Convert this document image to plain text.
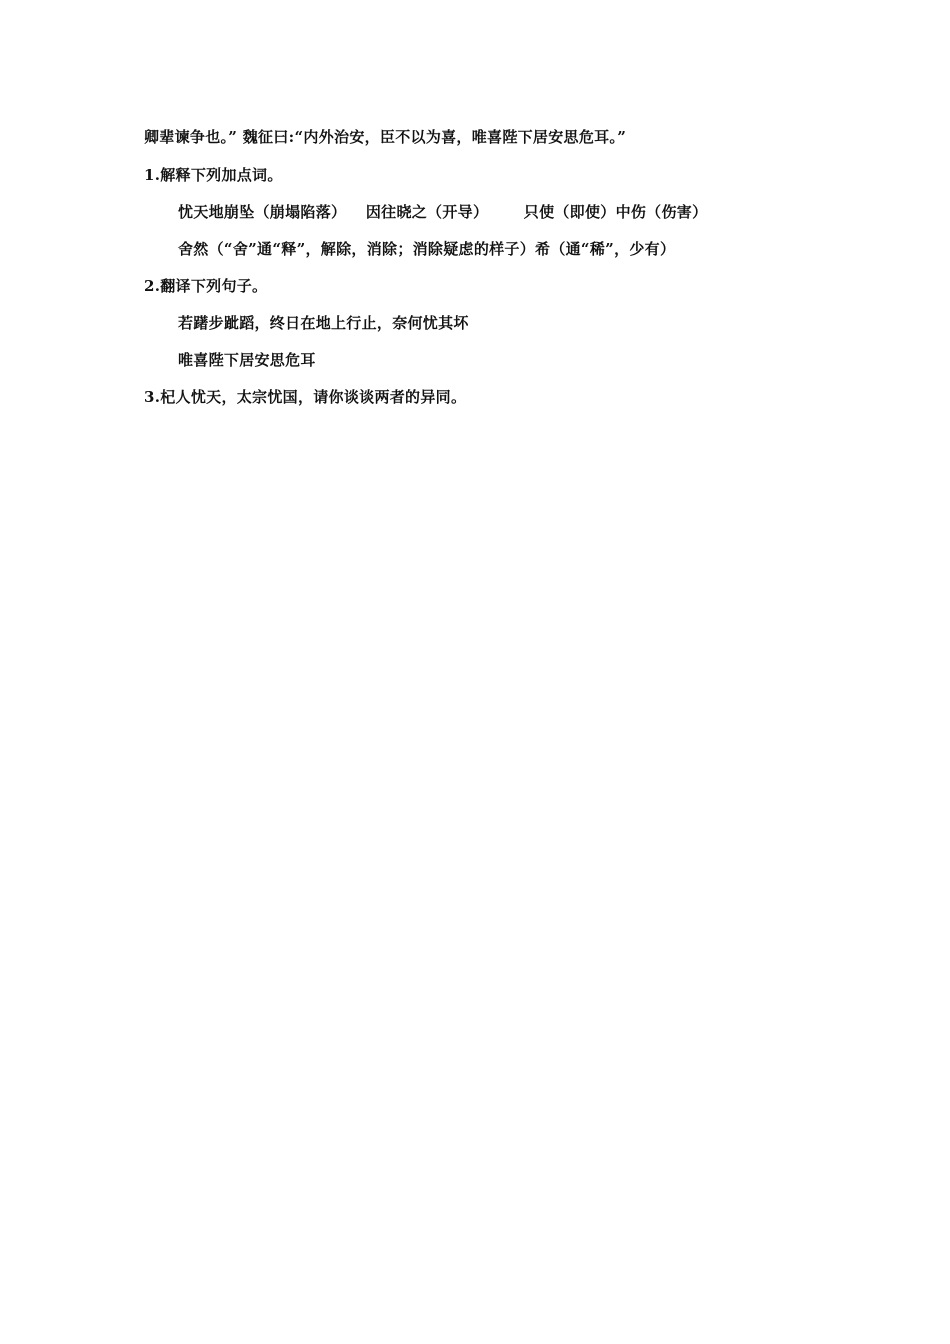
卿辈谏争也。” 魏征曰:“内外治安，臣不以为喜，唯喜陛下居安思危耳。”
1.解释下列加点词。
忧天地崩坠（崩塌陷落） 因往晓之（开导） 只使（即使）中伤（伤害）
舍然（“舍”通“释”，解除，消除；消除疑虑的样子）希（通“稀”，少有）
2.翻译下列句子。
若躇步跐蹈，终日在地上行止，奈何忧其坏
唯喜陛下居安思危耳
3.杞人忧天，太宗忧国，请你谈谈两者的异同。
